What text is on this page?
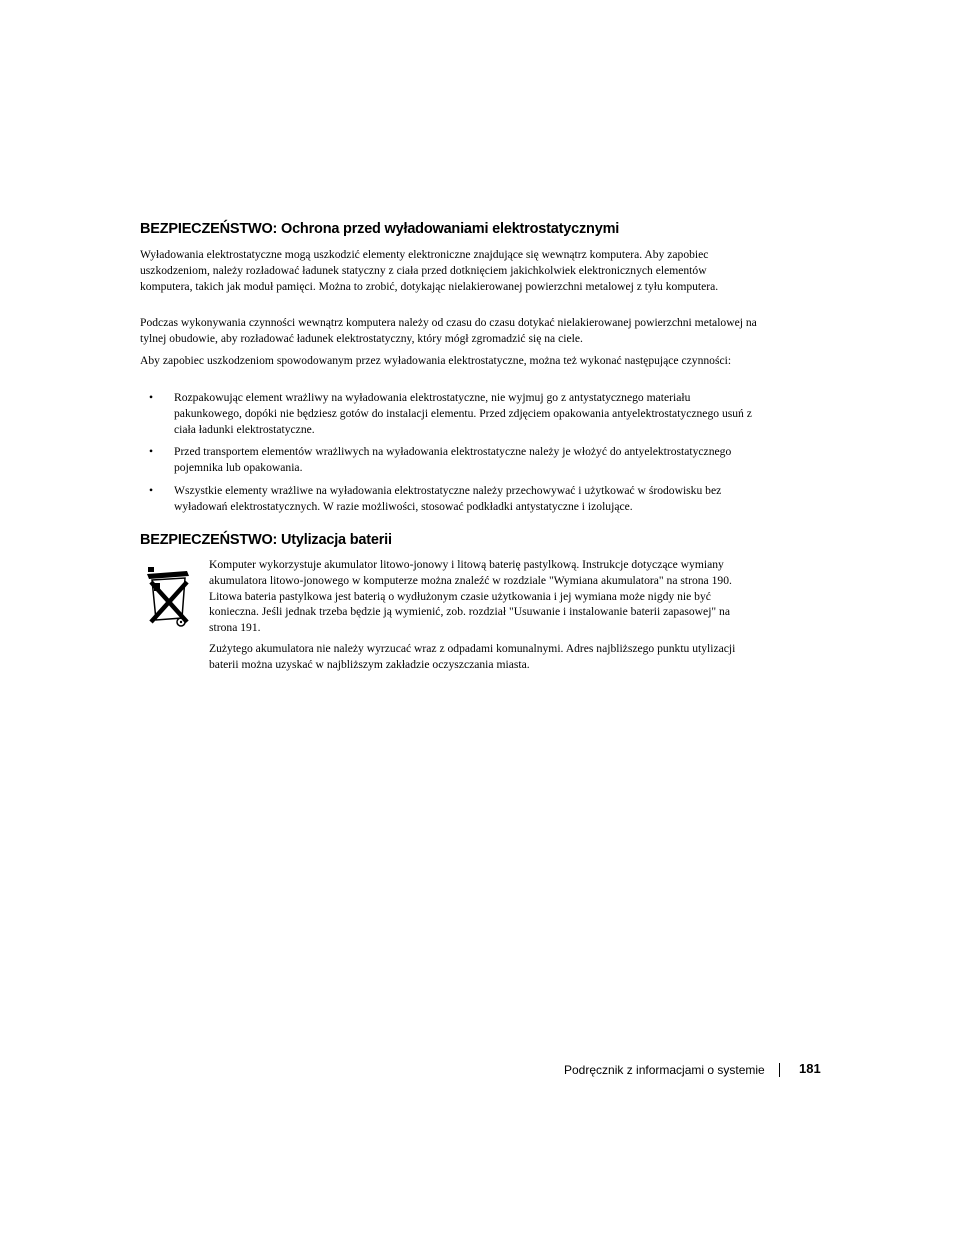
BEZPIECZEŃSTWO: Ochrona przed wyładowaniami elektrostatycznymi

Wyładowania elektrostatyczne mogą uszkodzić elementy elektroniczne znajdujące się wewnątrz komputera. Aby zapobiec uszkodzeniom, należy rozładować ładunek statyczny z ciała przed dotknięciem jakichkolwiek elektronicznych elementów komputera, takich jak moduł pamięci. Można to zrobić, dotykając nielakierowanej powierzchni metalowej z tyłu komputera.

Podczas wykonywania czynności wewnątrz komputera należy od czasu do czasu dotykać nielakierowanej powierzchni metalowej na tylnej obudowie, aby rozładować ładunek elektrostatyczny, który mógł zgromadzić się na ciele.

Aby zapobiec uszkodzeniom spowodowanym przez wyładowania elektrostatyczne, można też wykonać następujące czynności:

• Rozpakowując element wrażliwy na wyładowania elektrostatyczne, nie wyjmuj go z antystatycznego materiału pakunkowego, dopóki nie będziesz gotów do instalacji elementu. Przed zdjęciem opakowania antyelektrostatycznego usuń z ciała ładunki elektrostatyczne.
• Przed transportem elementów wrażliwych na wyładowania elektrostatyczne należy je włożyć do antyelektrostatycznego pojemnika lub opakowania.
• Wszystkie elementy wrażliwe na wyładowania elektrostatyczne należy przechowywać i użytkować w środowisku bez wyładowań elektrostatycznych. W razie możliwości, stosować podkładki antystatyczne i izolujące.
BEZPIECZEŃSTWO: Utylizacja baterii

Komputer wykorzystuje akumulator litowo-jonowy i litową baterię pastylkową. Instrukcje dotyczące wymiany akumulatora litowo-jonowego w komputerze można znaleźć w rozdziale "Wymiana akumulatora" na strona 190. Litowa bateria pastylkowa jest baterią o wydłużonym czasie użytkowania i jej wymiana może nigdy nie być konieczna. Jeśli jednak trzeba będzie ją wymienić, zob. rozdział "Usuwanie i instalowanie baterii zapasowej" na strona 191.

Zużytego akumulatora nie należy wyrzucać wraz z odpadami komunalnymi. Adres najbliższego punktu utylizacji baterii można uzyskać w najbliższym zakładzie oczyszczania miasta.

Podręcznik z informacjami o systemie	181
